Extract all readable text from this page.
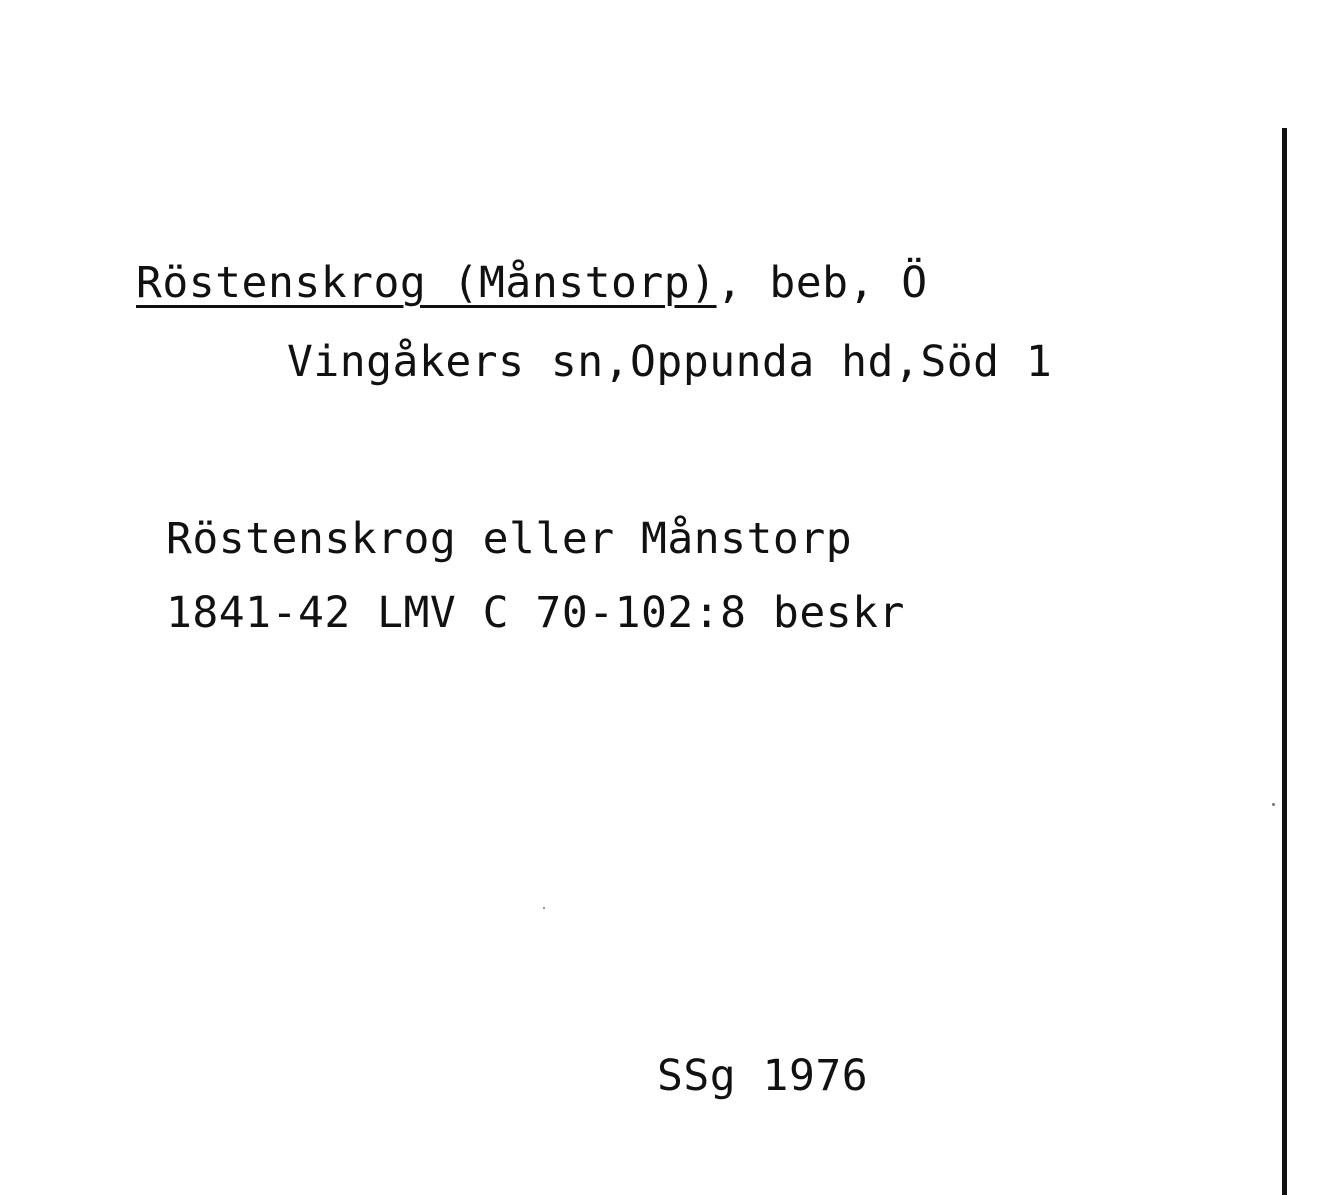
Röstenskrog (Månstorp), beb, Ö
Vingåkers sn,Oppunda hd,Söd 1
Röstenskrog eller Månstorp
1841-42 LMV C 70-102:8 beskr
SSg 1976
